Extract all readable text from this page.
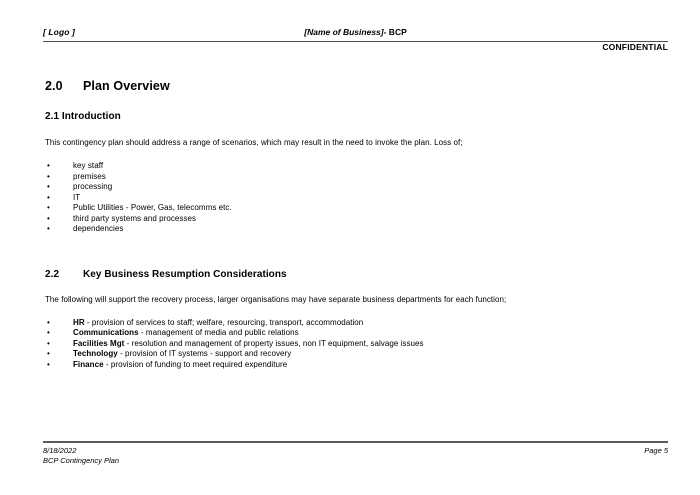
[ Logo ]	[Name of Business]- BCP
CONFIDENTIAL
2.0 Plan Overview
2.1 Introduction

This contingency plan should address a range of scenarios, which may result in the need to invoke the plan. Loss of;

•	key staff
•	premises
•	processing
•	IT
•	Public Utilities - Power, Gas, telecomms etc.
•	third party systems and processes
•	dependencies
2.2 Key Business Resumption Considerations

The following will support the recovery process, larger organisations may have separate business departments for each function;

•	HR - provision of services to staff; welfare, resourcing, transport, accommodation
•	Communications - management of media and public relations
•	Facilities Mgt - resolution and management of property issues, non IT equipment, salvage issues
•	Technology - provision of IT systems - support and recovery
•	Finance - provision of funding to meet required expenditure
8/18/2022
BCP Contingency Plan
Page 5
